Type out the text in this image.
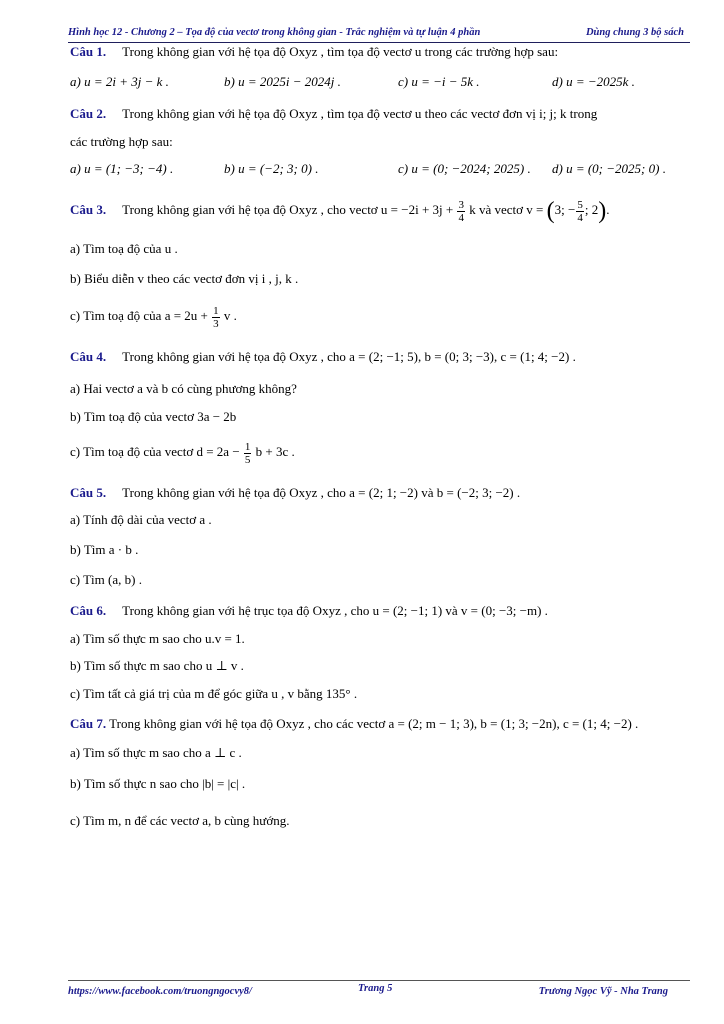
Hình học 12 - Chương 2 – Tọa độ của vectơ trong không gian - Trắc nghiệm và tự luận 4 phần	Dùng chung 3 bộ sách
Câu 1. Trong không gian với hệ tọa độ Oxyz , tìm tọa độ vectơ u trong các trường hợp sau:
a) u = 2i + 3j − k .	b) u = 2025i − 2024j .	c) u = −i − 5k .	d) u = −2025k .
Câu 2. Trong không gian với hệ tọa độ Oxyz , tìm tọa độ vectơ u theo các vectơ đơn vị i; j; k trong
các trường hợp sau:
a) u = (1; −3; −4) .	b) u = (−2; 3; 0) .	c) u = (0; −2024; 2025) . d) u = (0; −2025; 0) .
Câu 3. Trong không gian với hệ tọa độ Oxyz , cho vectơ $u = -2i + 3j + \frac{3}{4}$ k và vectơ v = (3; − $\frac{5}{4}$ ; 2).
a) Tìm toạ độ của u .
b) Biểu diễn v theo các vectơ đơn vị i , j, k .
c) Tìm toạ độ của $a = 2u + \frac{1}{3}$ v .
Câu 4. Trong không gian với hệ tọa độ Oxyz , cho a = (2; −1; 5), b = (0; 3; −3), c = (1; 4; −2) .
a) Hai vectơ a và b có cùng phương không?
b) Tìm toạ độ của vectơ 3a − 2b
c) Tìm toạ độ của vectơ $d = 2a - \frac{1}{5}$ b + 3c .
Câu 5. Trong không gian với hệ tọa độ Oxyz , cho a = (2; 1; −2) và b = (−2; 3; −2) .
a) Tính độ dài của vectơ a .
b) Tìm a · b .
c) Tìm (a, b) .
Câu 6. Trong không gian với hệ trục tọa độ Oxyz , cho u = (2; −1; 1) và v = (0; −3; −m) .
a) Tìm số thực m sao cho u.v = 1.
b) Tìm số thực m sao cho u ⊥ v .
c) Tìm tất cả giá trị của m để góc giữa u , v bằng 135° .
Câu 7. Trong không gian với hệ tọa độ Oxyz , cho các vectơ a = (2; m − 1; 3), b = (1; 3; −2n), c = (1; 4; −2) .
a) Tìm số thực m sao cho a ⊥ c .
b) Tìm số thực n sao cho |b| = |c| .
c) Tìm m, n để các vectơ a, b cùng hướng.
https://www.facebook.com/truongngocvy8/	Trang 5	Trương Ngọc Vỹ - Nha Trang
